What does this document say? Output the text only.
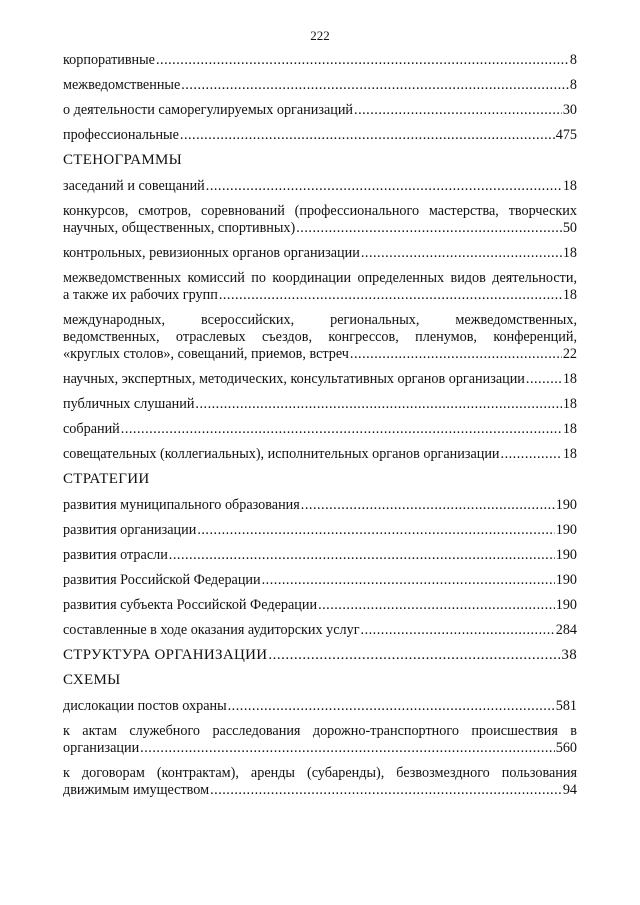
222
корпоративные .....	8
межведомственные .....	8
о деятельности саморегулируемых организаций .....	30
профессиональные .....	475
СТЕНОГРАММЫ
заседаний и совещаний .....	18
конкурсов, смотров, соревнований (профессионального мастерства, творческих
научных, общественных, спортивных) .....	50
контрольных, ревизионных органов организации .....	18
межведомственных комиссий по координации определенных видов деятельности,
а также их рабочих групп .....	18
международных, всероссийских, региональных, межведомственных,
ведомственных, отраслевых съездов, конгрессов, пленумов, конференций,
«круглых столов», совещаний, приемов, встреч .....	22
научных, экспертных, методических, консультативных органов организации .....	18
публичных слушаний .....	18
собраний .....	18
совещательных (коллегиальных), исполнительных органов организации .....	18
СТРАТЕГИИ
развития муниципального образования .....	190
развития организации .....	190
развития отрасли .....	190
развития Российской Федерации .....	190
развития субъекта Российской Федерации .....	190
составленные в ходе оказания аудиторских услуг .....	284
СТРУКТУРА ОРГАНИЗАЦИИ .....	38
СХЕМЫ
дислокации постов охраны .....	581
к актам служебного расследования дорожно-транспортного происшествия в
организации .....	560
к договорам (контрактам), аренды (субаренды), безвозмездного пользования
движимым имуществом .....	94
